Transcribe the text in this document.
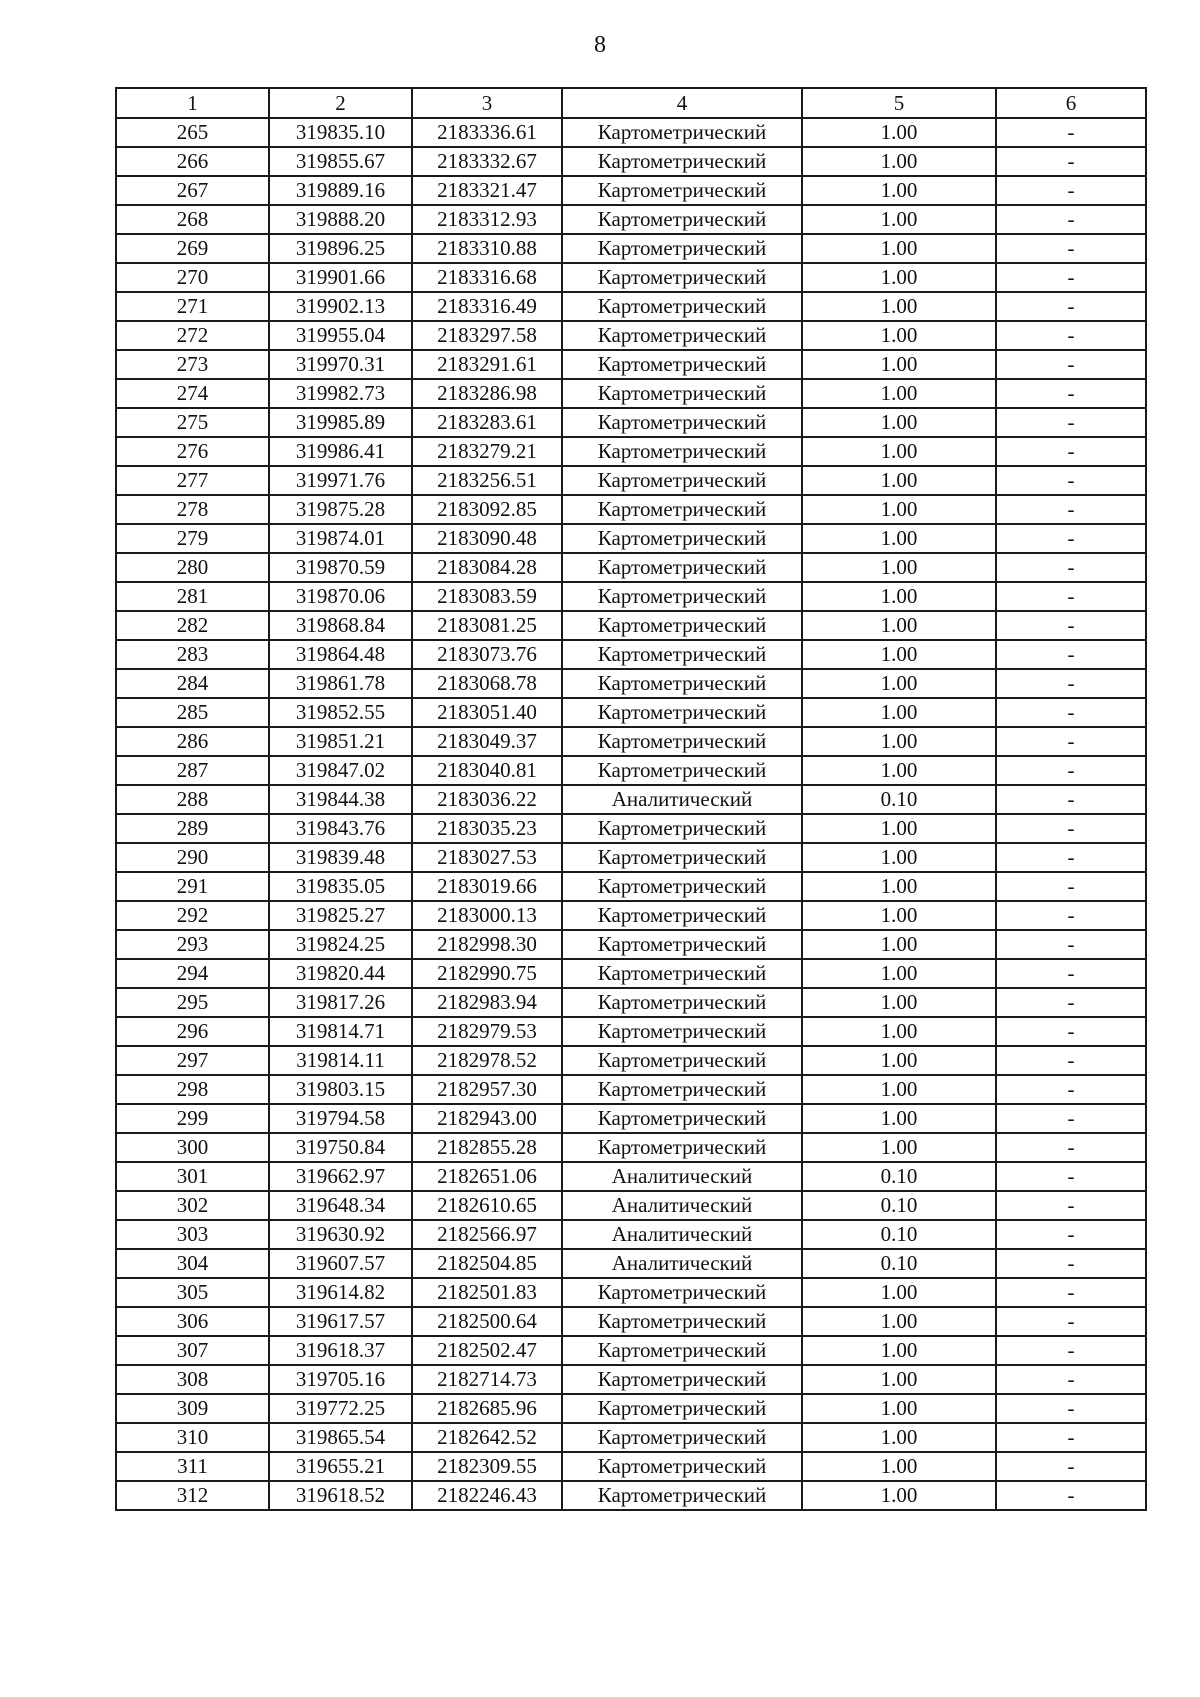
8
1	2	3	4	5	6
265	319835.10	2183336.61	Картометрический	1.00	-
266	319855.67	2183332.67	Картометрический	1.00	-
267	319889.16	2183321.47	Картометрический	1.00	-
268	319888.20	2183312.93	Картометрический	1.00	-
269	319896.25	2183310.88	Картометрический	1.00	-
270	319901.66	2183316.68	Картометрический	1.00	-
271	319902.13	2183316.49	Картометрический	1.00	-
272	319955.04	2183297.58	Картометрический	1.00	-
273	319970.31	2183291.61	Картометрический	1.00	-
274	319982.73	2183286.98	Картометрический	1.00	-
275	319985.89	2183283.61	Картометрический	1.00	-
276	319986.41	2183279.21	Картометрический	1.00	-
277	319971.76	2183256.51	Картометрический	1.00	-
278	319875.28	2183092.85	Картометрический	1.00	-
279	319874.01	2183090.48	Картометрический	1.00	-
280	319870.59	2183084.28	Картометрический	1.00	-
281	319870.06	2183083.59	Картометрический	1.00	-
282	319868.84	2183081.25	Картометрический	1.00	-
283	319864.48	2183073.76	Картометрический	1.00	-
284	319861.78	2183068.78	Картометрический	1.00	-
285	319852.55	2183051.40	Картометрический	1.00	-
286	319851.21	2183049.37	Картометрический	1.00	-
287	319847.02	2183040.81	Картометрический	1.00	-
288	319844.38	2183036.22	Аналитический	0.10	-
289	319843.76	2183035.23	Картометрический	1.00	-
290	319839.48	2183027.53	Картометрический	1.00	-
291	319835.05	2183019.66	Картометрический	1.00	-
292	319825.27	2183000.13	Картометрический	1.00	-
293	319824.25	2182998.30	Картометрический	1.00	-
294	319820.44	2182990.75	Картометрический	1.00	-
295	319817.26	2182983.94	Картометрический	1.00	-
296	319814.71	2182979.53	Картометрический	1.00	-
297	319814.11	2182978.52	Картометрический	1.00	-
298	319803.15	2182957.30	Картометрический	1.00	-
299	319794.58	2182943.00	Картометрический	1.00	-
300	319750.84	2182855.28	Картометрический	1.00	-
301	319662.97	2182651.06	Аналитический	0.10	-
302	319648.34	2182610.65	Аналитический	0.10	-
303	319630.92	2182566.97	Аналитический	0.10	-
304	319607.57	2182504.85	Аналитический	0.10	-
305	319614.82	2182501.83	Картометрический	1.00	-
306	319617.57	2182500.64	Картометрический	1.00	-
307	319618.37	2182502.47	Картометрический	1.00	-
308	319705.16	2182714.73	Картометрический	1.00	-
309	319772.25	2182685.96	Картометрический	1.00	-
310	319865.54	2182642.52	Картометрический	1.00	-
311	319655.21	2182309.55	Картометрический	1.00	-
312	319618.52	2182246.43	Картометрический	1.00	-
